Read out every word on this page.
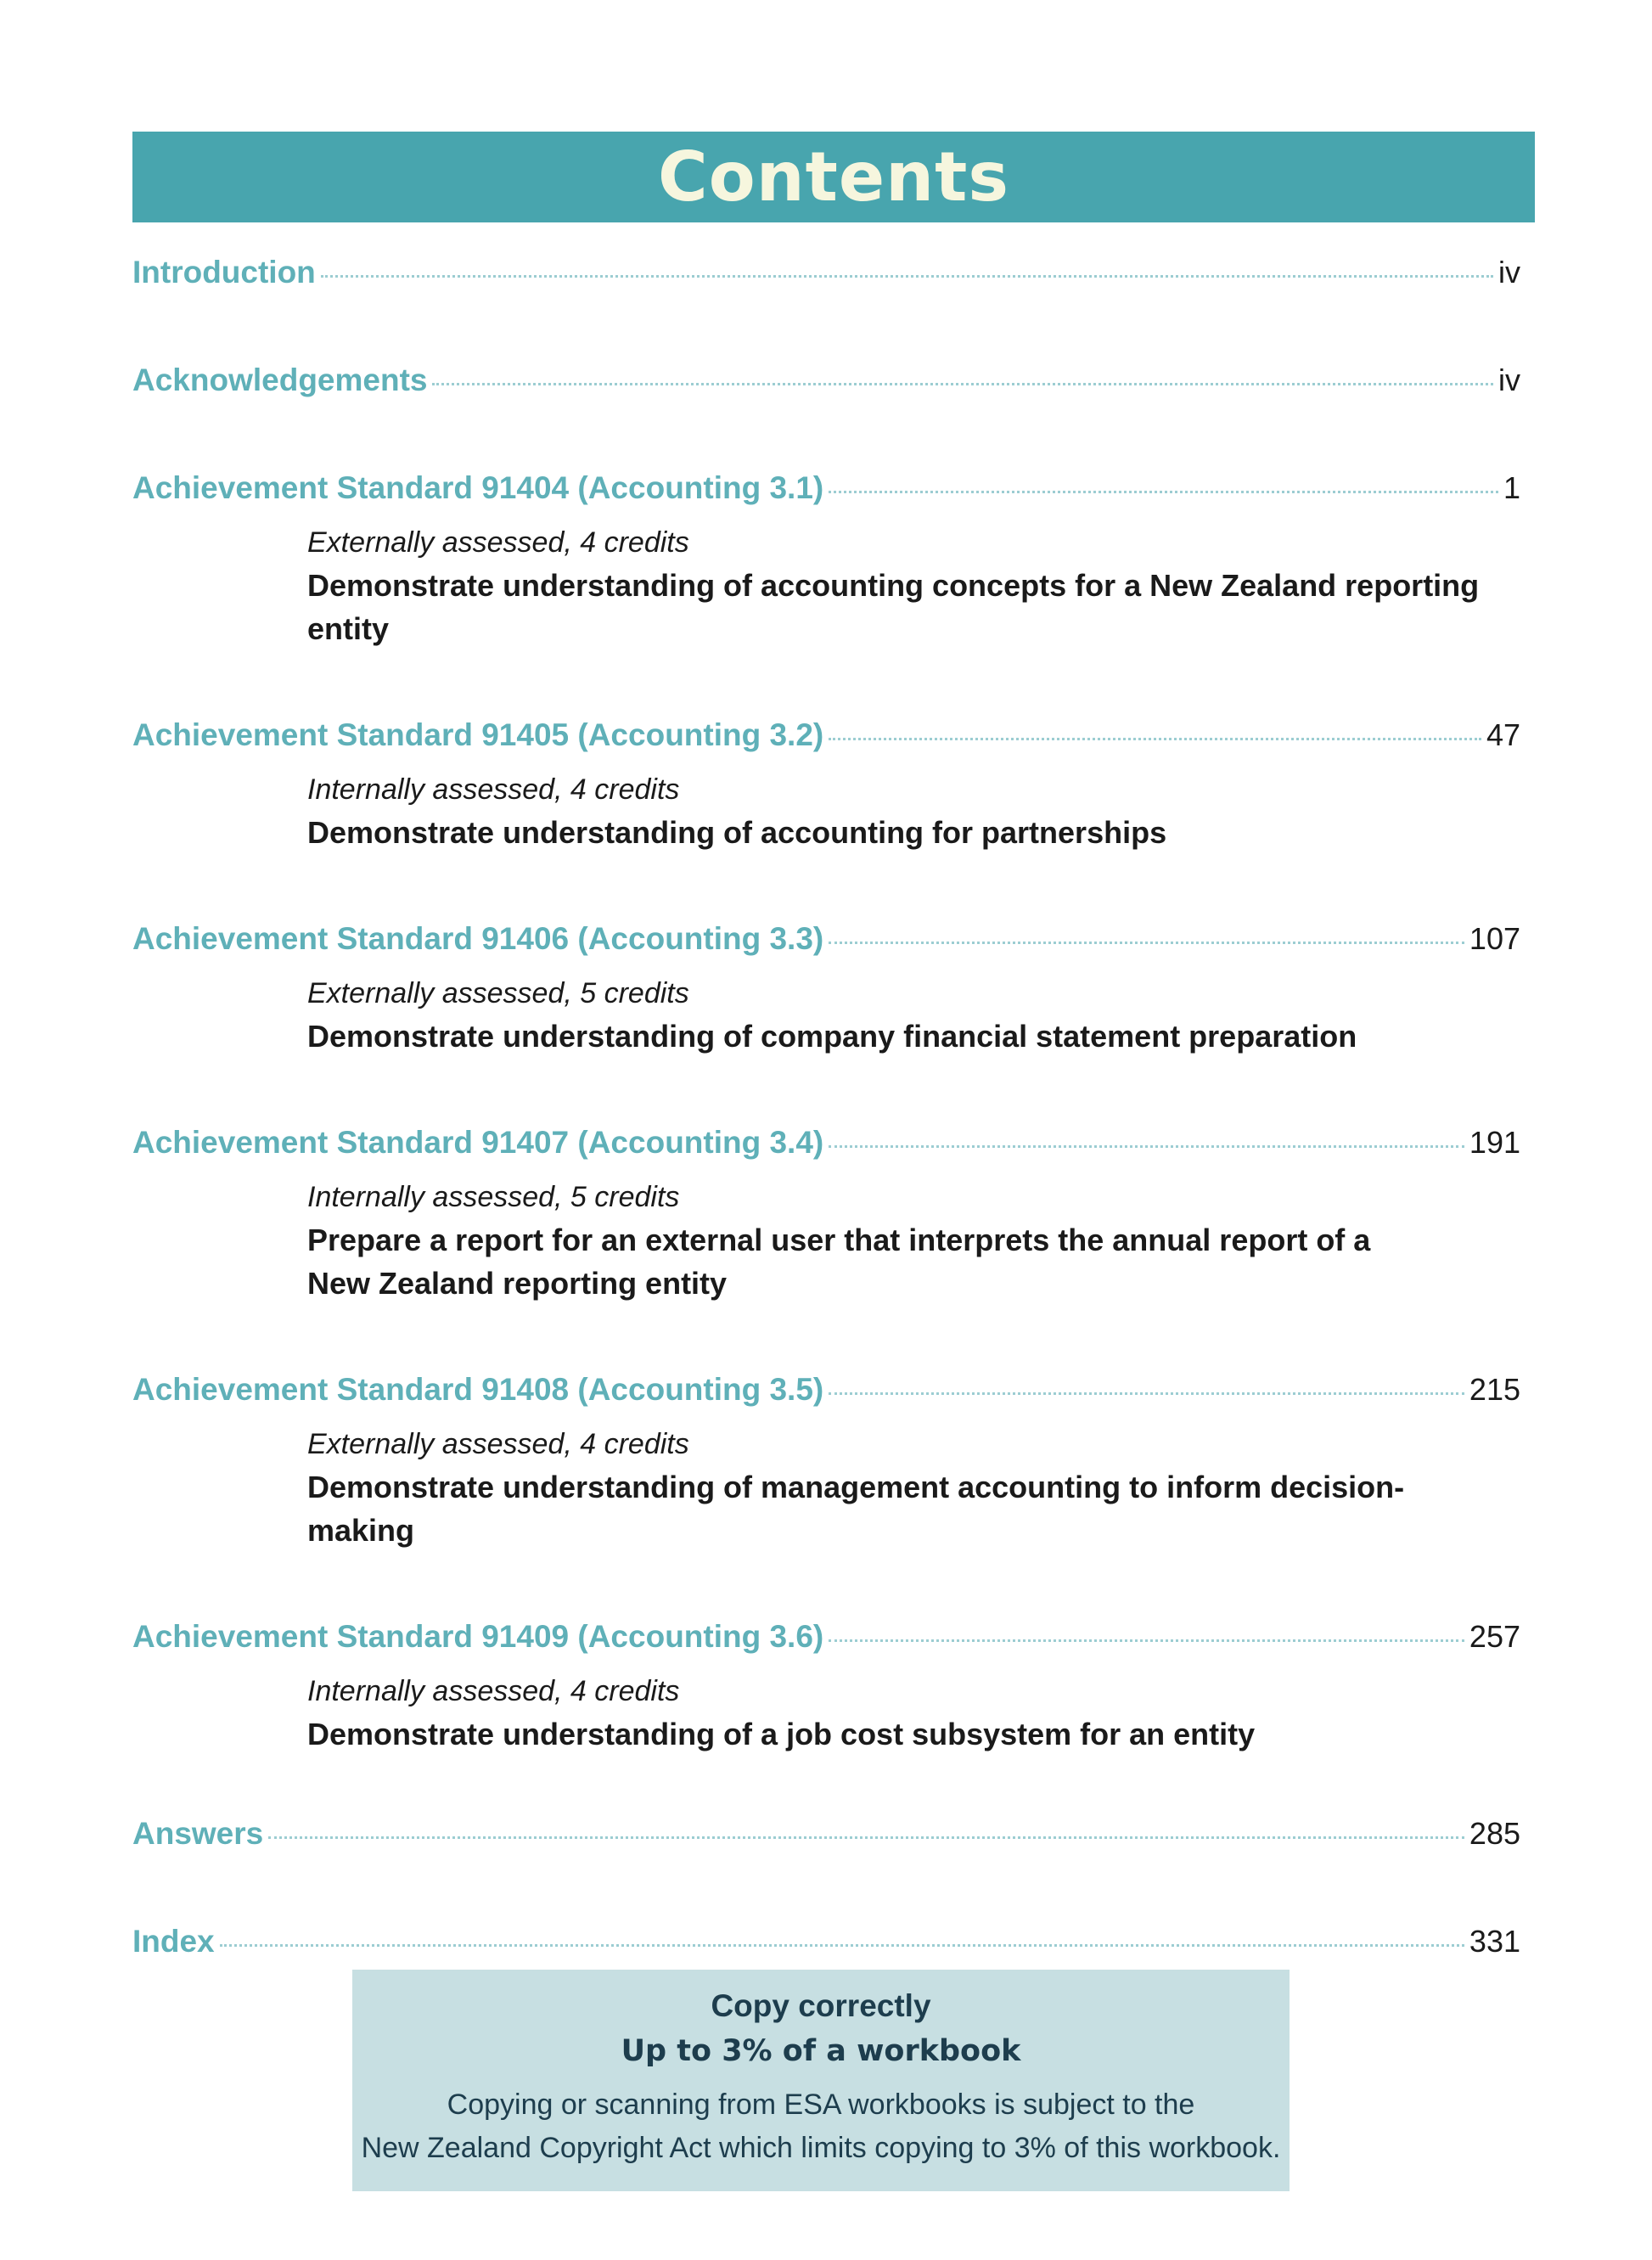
Contents
Introduction	iv
Acknowledgements	iv
Achievement Standard 91404 (Accounting 3.1)	1
Externally assessed, 4 credits
Demonstrate understanding of accounting concepts for a New Zealand reporting
entity
Achievement Standard 91405 (Accounting 3.2)	47
Internally assessed, 4 credits
Demonstrate understanding of accounting for partnerships
Achievement Standard 91406 (Accounting 3.3)	107
Externally assessed, 5 credits
Demonstrate understanding of company financial statement preparation
Achievement Standard 91407 (Accounting 3.4)	191
Internally assessed, 5 credits
Prepare a report for an external user that interprets the annual report of a
New Zealand reporting entity
Achievement Standard 91408 (Accounting 3.5)	215
Externally assessed, 4 credits
Demonstrate understanding of management accounting to inform decision-making
Achievement Standard 91409 (Accounting 3.6)	257
Internally assessed, 4 credits
Demonstrate understanding of a job cost subsystem for an entity
Answers	285
Index	331
Copy correctly
Up to 3% of a workbook
Copying or scanning from ESA workbooks is subject to the
New Zealand Copyright Act which limits copying to 3% of this workbook.
